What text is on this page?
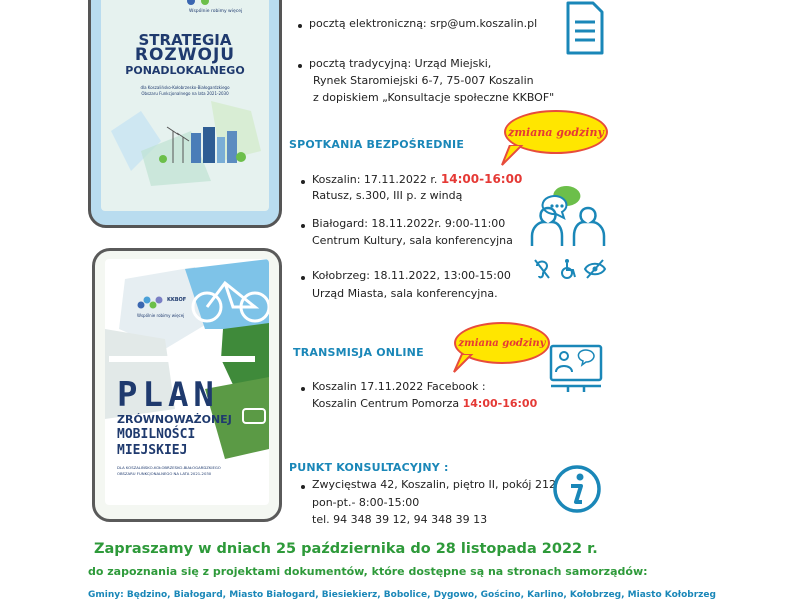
Wspólnie robimy więcej
STRATEGIA
ROZWOJU
PONADLOKALNEGO
dla Koszalińsko-Kołobrzesko-Białogardzkiego
Obszaru Funkcjonalnego na lata 2021-2030
KKBOF
Wspólnie robimy więcej
PLAN
ZRÓWNOWAŻONEJ
MOBILNOŚCI
MIEJSKIEJ
DLA KOSZALIŃSKO-KOŁOBRZESKO-BIAŁOGARDZKIEGO
OBSZARU FUNKCJONALNEGO NA LATA 2021-2030
pocztą elektroniczną: srp@um.koszalin.pl
pocztą tradycyjną: Urząd Miejski,
Rynek Staromiejski 6-7, 75-007 Koszalin
z dopiskiem „Konsultacje społeczne KKBOF"
SPOTKANIA BEZPOŚREDNIE
zmiana godziny
Koszalin: 17.11.2022 r. 14:00-16:00
Ratusz, s.300, III p. z windą
Białogard: 18.11.2022r. 9:00-11:00
Centrum Kultury, sala konferencyjna
Kołobrzeg: 18.11.2022, 13:00-15:00
Urząd Miasta, sala konferencyjna.
TRANSMISJA ONLINE
zmiana godziny
Koszalin 17.11.2022 Facebook :
Koszalin Centrum Pomorza 14:00-16:00
PUNKT KONSULTACYJNY :
Zwycięstwa 42, Koszalin, piętro II, pokój 212
pon-pt.- 8:00-15:00
tel. 94 348 39 12, 94 348 39 13
Zapraszamy w dniach 25 października do 28 listopada 2022 r.
do zapoznania się z projektami dokumentów, które dostępne są na stronach samorządów:
Gminy: Będzino, Białogard, Miasto Białogard, Biesiekierz, Bobolice, Dygowo, Gościno, Karlino, Kołobrzeg, Miasto Kołobrzeg
